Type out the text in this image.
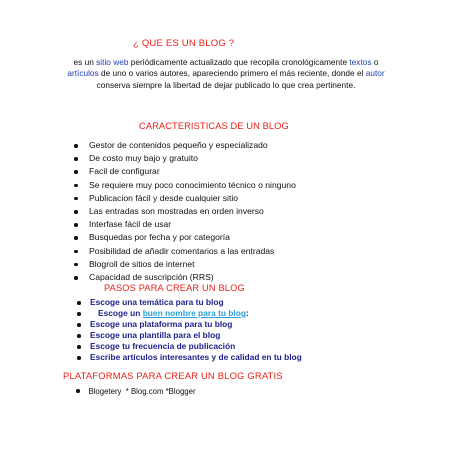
¿ QUE ES UN BLOG ?
es un sitio web periódicamente actualizado que recopila cronológicamente textos o artículos de uno o varios autores, apareciendo primero el más reciente, donde el autor conserva siempre la libertad de dejar publicado lo que crea pertinente.
CARACTERISTICAS DE UN BLOG
Gestor de contenidos pequeño y especializado
De costo muy bajo y gratuito
Facil de configurar
Se requiere muy poco conocimiento técnico o ninguno
Publicacion fácil y desde cualquier sitio
Las entradas son mostradas en orden inverso
Interfase fácil de usar
Busquedas por fecha y por categoría
Posibilidad de añadir comentarios a las entradas
Blogroll de sitios de internet
Capacidad de suscripción (RRS)
PASOS PARA CREAR UN BLOG
Escoge una temática para tu blog
Escoge un buen nombre para tu blog:
Escoge una plataforma para tu blog
Escoge una plantilla para el blog
Escoge tu frecuencia de publicación
Escribe artículos interesantes y de calidad en tu blog
PLATAFORMAS PARA CREAR UN BLOG GRATIS
Blogetery  * Blog.com *Blogger
